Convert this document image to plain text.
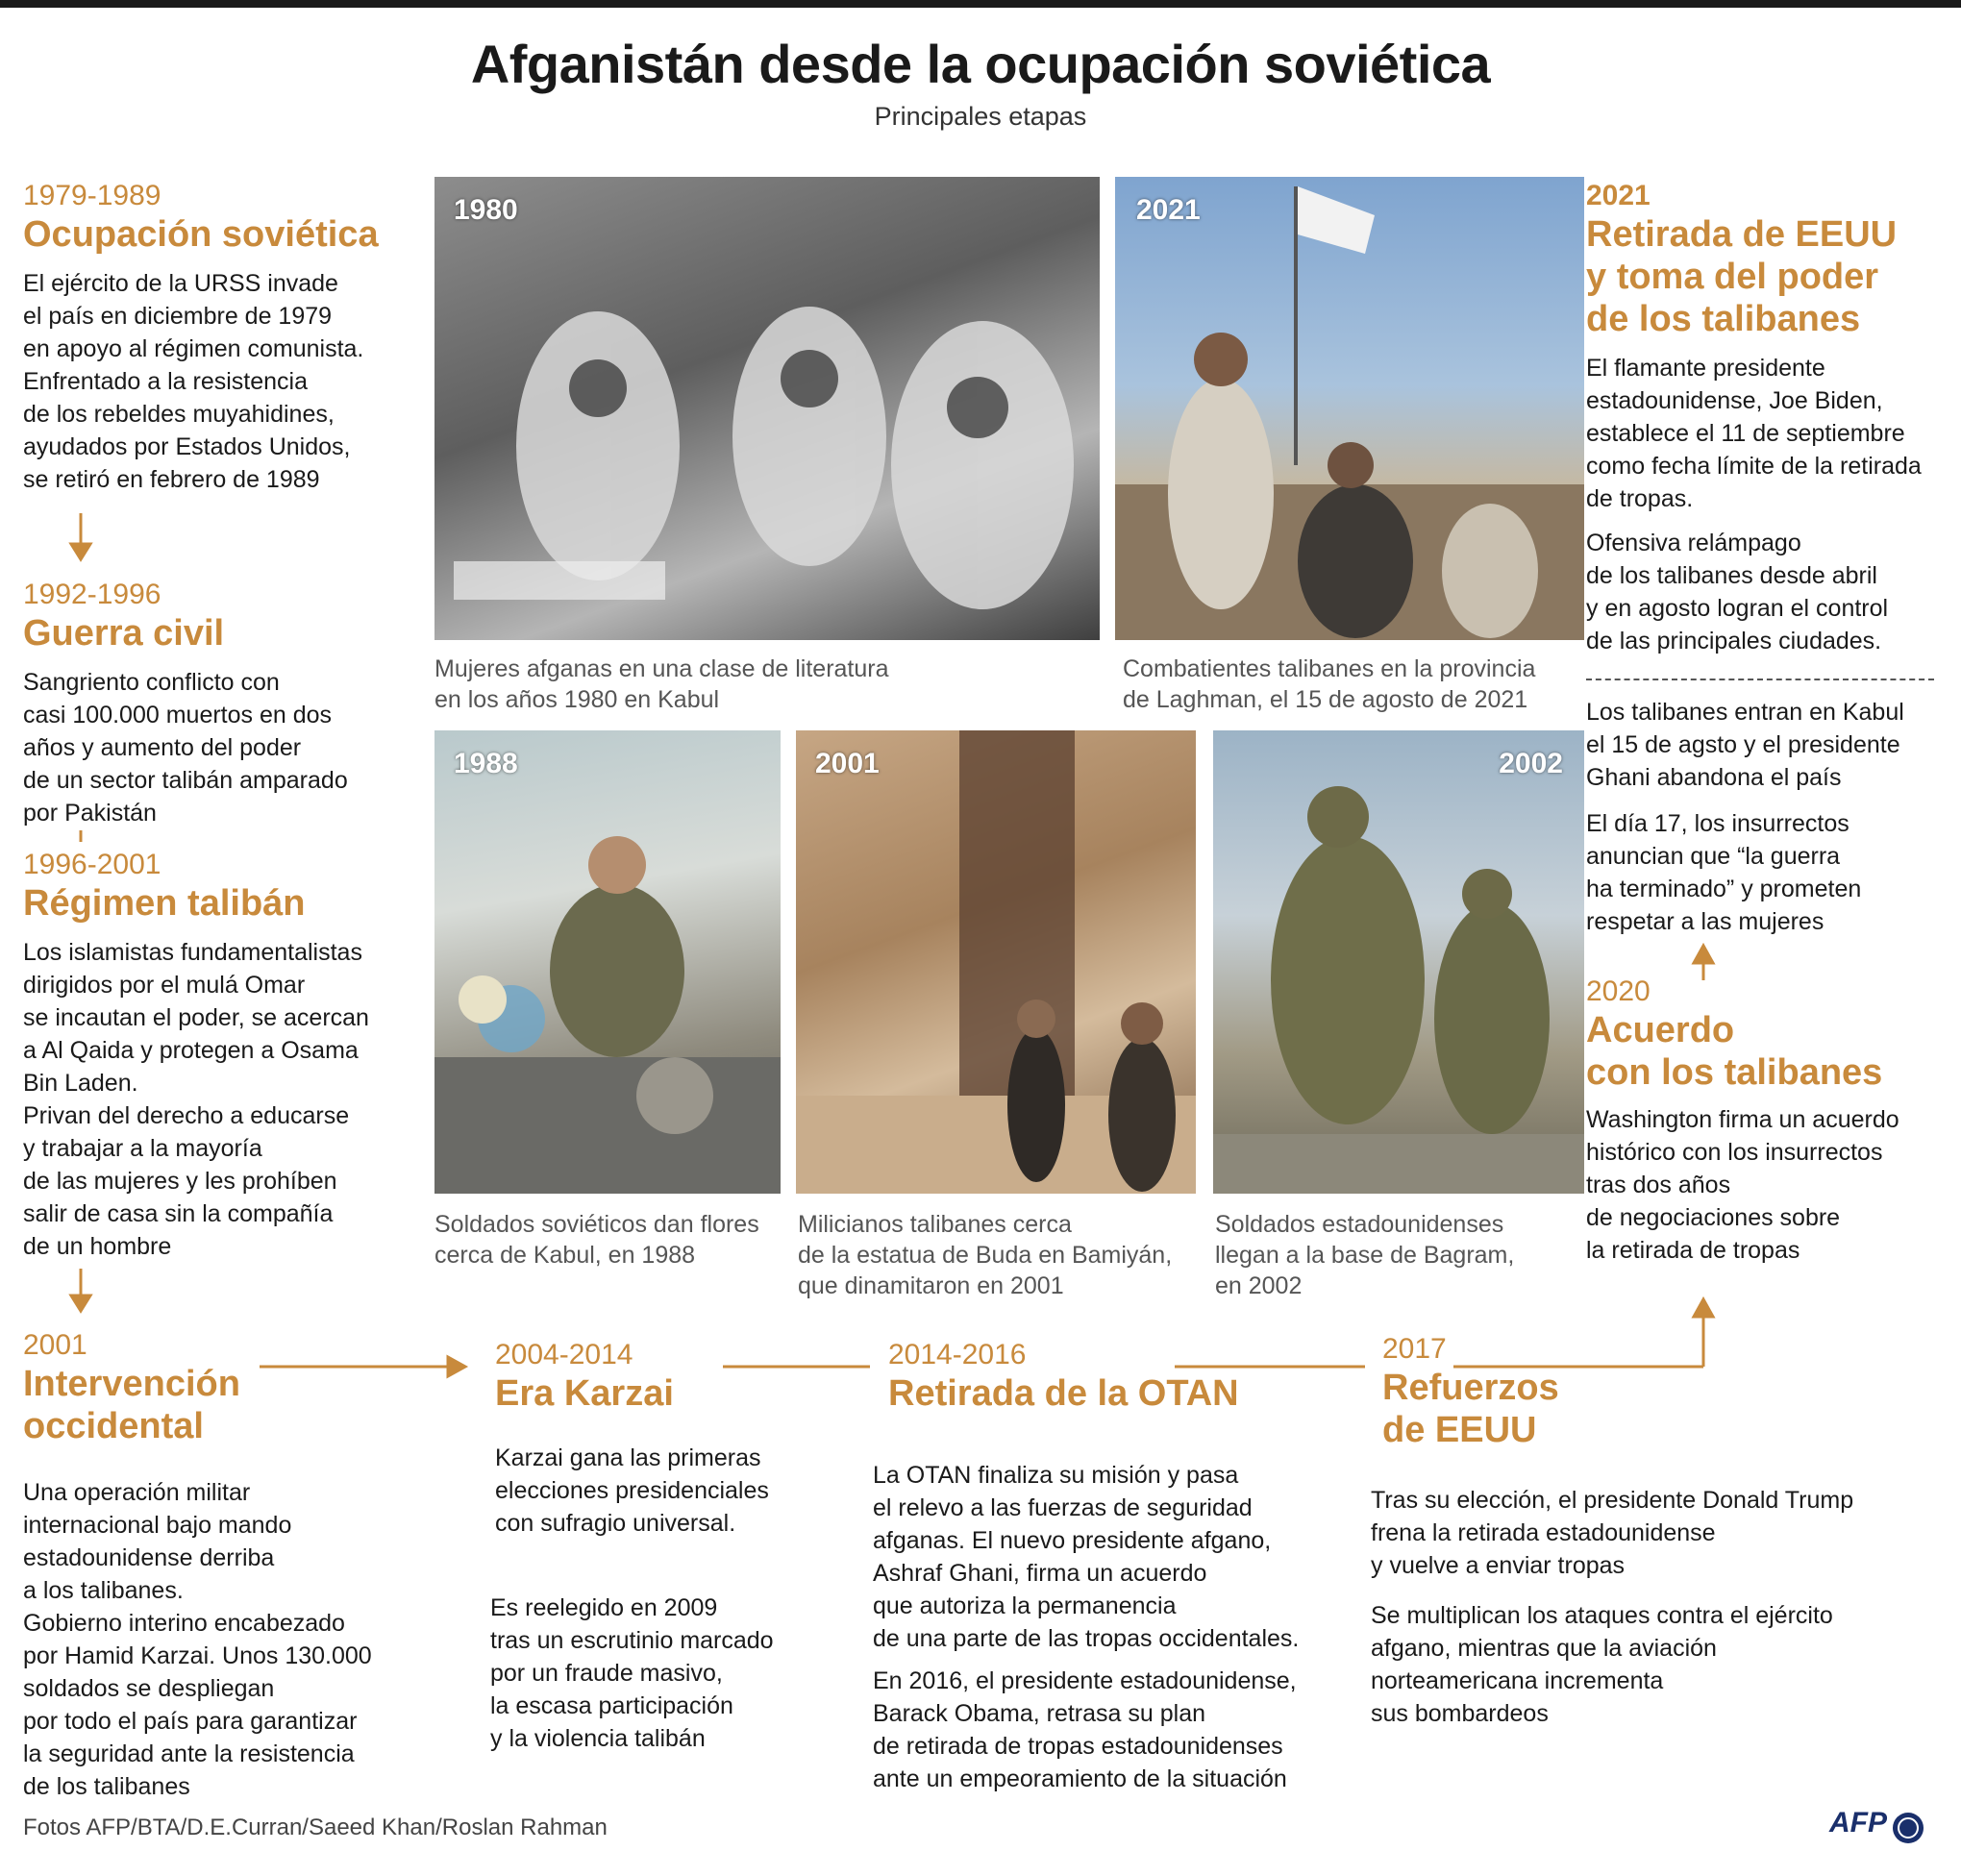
Afganistán desde la ocupación soviética
Principales etapas
1979-1989
Ocupación soviética
El ejército de la URSS invade
el país en diciembre de 1979
en apoyo al régimen comunista.
Enfrentado a la resistencia
de los rebeldes muyahidines,
ayudados por Estados Unidos,
se retiró en febrero de 1989
1992-1996
Guerra civil
Sangriento conflicto con
casi 100.000 muertos en dos
años y aumento del poder
de un sector talibán amparado
por Pakistán
1996-2001
Régimen talibán
Los islamistas fundamentalistas
dirigidos por el mulá Omar
se incautan el poder, se acercan
a Al Qaida y protegen a Osama
Bin Laden.
Privan del derecho a educarse
y trabajar a la mayoría
de las mujeres y les prohíben
salir de casa sin la compañía
de un hombre
2001
Intervención
occidental
Una operación militar
internacional bajo mando
estadounidense derriba
a los talibanes.
Gobierno interino encabezado
por Hamid Karzai. Unos 130.000
soldados se despliegan
por todo el país para garantizar
la seguridad ante la resistencia
de los talibanes
2004-2014
Era Karzai
Karzai gana las primeras
elecciones presidenciales
con sufragio universal.
Es reelegido en 2009
tras un escrutinio marcado
por un fraude masivo,
la escasa participación
y la violencia talibán
2014-2016
Retirada de la OTAN
La OTAN finaliza su misión y pasa
el relevo a las fuerzas de seguridad
afganas. El nuevo presidente afgano,
Ashraf Ghani, firma un acuerdo
que autoriza la permanencia
de una parte de las tropas occidentales.
En 2016, el presidente estadounidense,
Barack Obama, retrasa su plan
de retirada de tropas estadounidenses
ante un empeoramiento de la situación
2017
Refuerzos
de EEUU
Tras su elección, el presidente Donald Trump
frena la retirada estadounidense
y vuelve a enviar tropas
Se multiplican los ataques contra el ejército
afgano, mientras que la aviación
norteamericana incrementa
sus bombardeos
2020
Acuerdo
con los talibanes
Washington firma un acuerdo
histórico con los insurrectos
tras dos años
de negociaciones sobre
la retirada de tropas
2021
Retirada de EEUU
y toma del poder
de los talibanes
El flamante presidente
estadounidense, Joe Biden,
establece el 11 de septiembre
como fecha límite de la retirada
de tropas.
Ofensiva relámpago
de los talibanes desde abril
y en agosto logran el control
de las principales ciudades.
Los talibanes entran en Kabul
el 15 de agsto y el presidente
Ghani abandona el país
El día 17, los insurrectos
anuncian que “la guerra
ha terminado” y prometen
respetar a las mujeres
1980
Mujeres afganas en una clase de literatura
en los años 1980 en Kabul
2021
Combatientes talibanes en la provincia
de Laghman, el 15 de agosto de 2021
1988
Soldados soviéticos dan flores
cerca de Kabul, en 1988
2001
Milicianos talibanes cerca
de la estatua de Buda en Bamiyán,
que dinamitaron en 2001
2002
Soldados estadounidenses
llegan a la base de Bagram,
en 2002
Fotos AFP/BTA/D.E.Curran/Saeed Khan/Roslan Rahman	AFP
